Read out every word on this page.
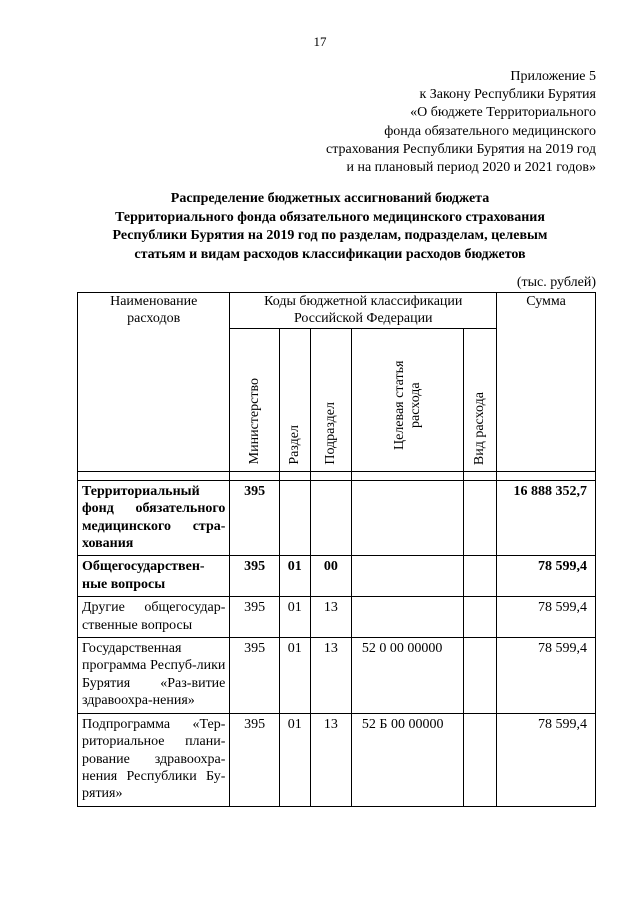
17
Приложение 5
к Закону Республики Бурятия
«О бюджете Территориального
фонда обязательного медицинского
страхования Республики Бурятия на 2019 год
и на плановый период 2020 и 2021 годов»
Распределение бюджетных ассигнований бюджета
Территориального фонда обязательного медицинского страхования
Республики Бурятия на 2019 год по разделам, подразделам, целевым
статьям и видам расходов классификации расходов бюджетов
(тыс. рублей)
Наименование расходов	Коды бюджетной классификации Российской Федерации					Сумма

	Министерство	Раздел	Подраздел	Целевая статья расхода	Вид расхода	

Территориальный фонд обязательного медицинского стра-хования	395					16 888 352,7
Общегосударствен-ные вопросы	395	01	00			78 599,4
Другие общегосудар-ственные вопросы	395	01	13			78 599,4
Государственная программа Респуб-лики Бурятия «Раз-витие здравоохра-нения»	395	01	13	52 0 00 00000		78 599,4
Подпрограмма «Тер-риториальное плани-рование здравоохра-нения Республики Бу-рятия»	395	01	13	52 Б 00 00000		78 599,4
